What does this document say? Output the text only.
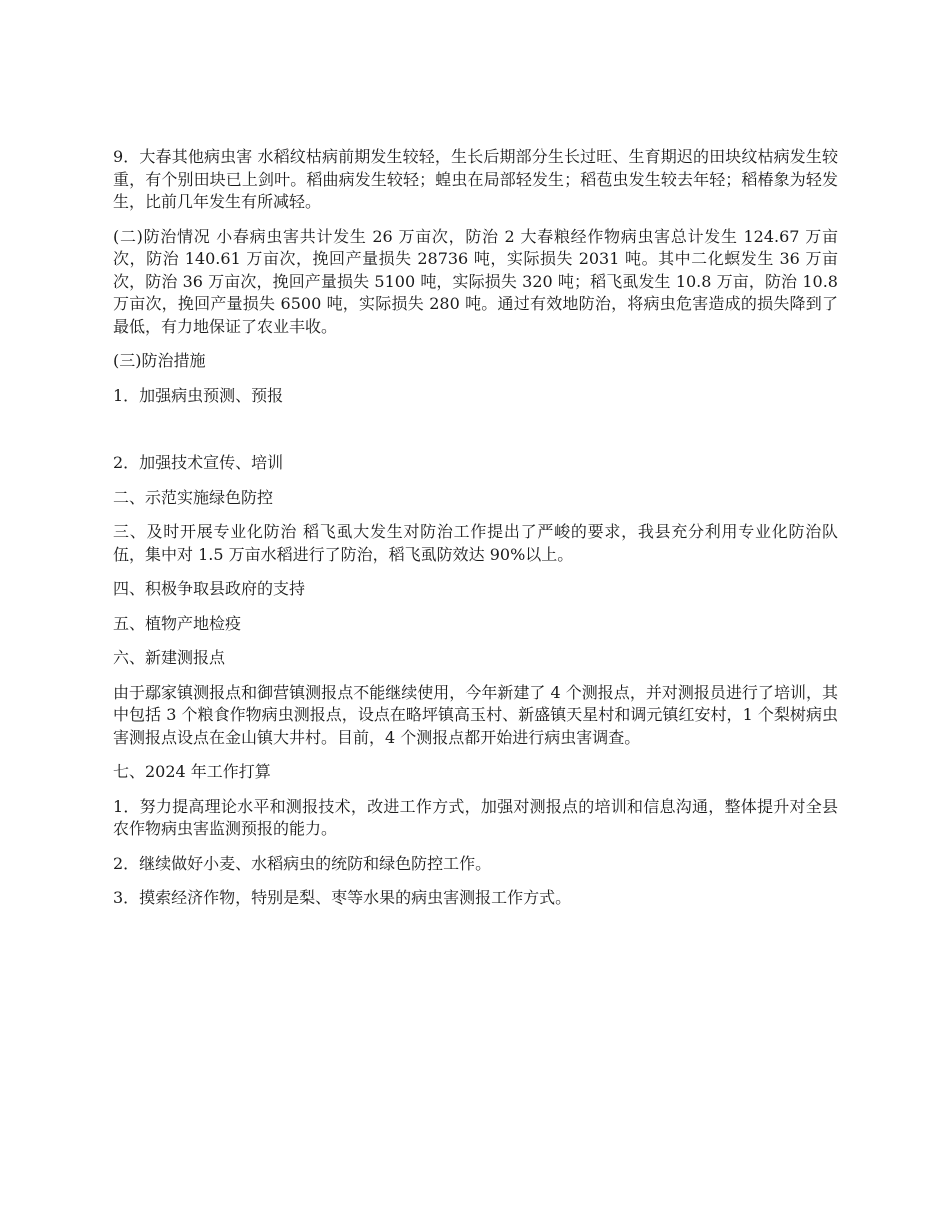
9．大春其他病虫害 水稻纹枯病前期发生较轻，生长后期部分生长过旺、生育期迟的田块纹枯病发生较重，有个别田块已上剑叶。稻曲病发生较轻；蝗虫在局部轻发生；稻苞虫发生较去年轻；稻椿象为轻发生，比前几年发生有所减轻。

(二)防治情况 小春病虫害共计发生 26 万亩次，防治 2 大春粮经作物病虫害总计发生 124.67 万亩次，防治 140.61 万亩次，挽回产量损失 28736 吨，实际损失 2031 吨。其中二化螟发生 36 万亩次，防治 36 万亩次，挽回产量损失 5100 吨，实际损失 320 吨；稻飞虱发生 10.8 万亩，防治 10.8 万亩次，挽回产量损失 6500 吨，实际损失 280 吨。通过有效地防治，将病虫危害造成的损失降到了最低，有力地保证了农业丰收。

(三)防治措施

1．加强病虫预测、预报

2．加强技术宣传、培训

二、示范实施绿色防控

三、及时开展专业化防治 稻飞虱大发生对防治工作提出了严峻的要求，我县充分利用专业化防治队伍，集中对 1.5 万亩水稻进行了防治，稻飞虱防效达 90%以上。

四、积极争取县政府的支持

五、植物产地检疫

六、新建测报点

由于鄢家镇测报点和御营镇测报点不能继续使用，今年新建了 4 个测报点，并对测报员进行了培训，其中包括 3 个粮食作物病虫测报点，设点在略坪镇高玉村、新盛镇天星村和调元镇红安村，1 个梨树病虫害测报点设点在金山镇大井村。目前，4 个测报点都开始进行病虫害调查。

七、2024 年工作打算

1．努力提高理论水平和测报技术，改进工作方式，加强对测报点的培训和信息沟通，整体提升对全县农作物病虫害监测预报的能力。

2．继续做好小麦、水稻病虫的统防和绿色防控工作。

3．摸索经济作物，特别是梨、枣等水果的病虫害测报工作方式。
